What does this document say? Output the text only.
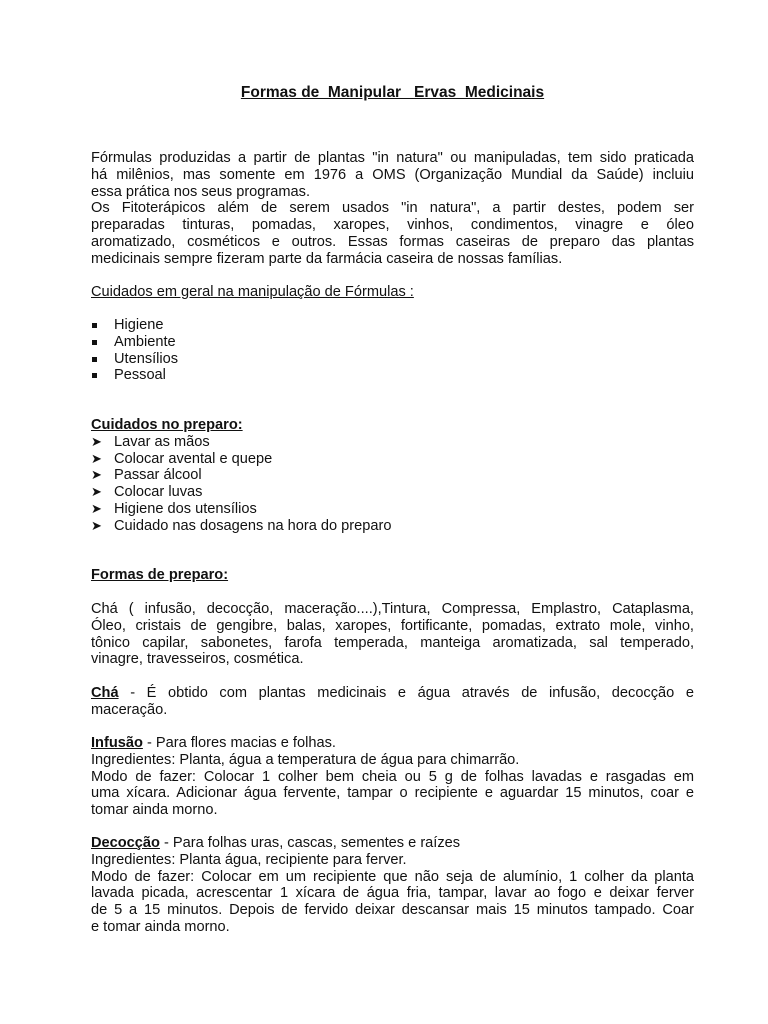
Formas de  Manipular   Ervas  Medicinais
Fórmulas produzidas a partir de plantas "in natura" ou manipuladas, tem sido praticada
há milênios, mas somente em 1976 a OMS (Organização Mundial da Saúde) incluiu
essa prática nos seus programas.
Os Fitoterápicos além de serem usados "in natura", a partir destes, podem ser
preparadas tinturas, pomadas, xaropes, vinhos, condimentos, vinagre e óleo
aromatizado, cosméticos e outros. Essas formas caseiras de preparo das plantas
medicinais sempre fizeram parte da farmácia caseira de nossas famílias.
Cuidados em geral na manipulação de Fórmulas :
Higiene
Ambiente
Utensílios
Pessoal
Cuidados no preparo:
➤ Lavar as mãos
➤ Colocar avental e quepe
➤ Passar álcool
➤ Colocar luvas
➤ Higiene dos utensílios
➤ Cuidado nas dosagens na hora do preparo
Formas de preparo:
Chá ( infusão, decocção, maceração....),Tintura, Compressa, Emplastro, Cataplasma,
Óleo, cristais de gengibre, balas, xaropes, fortificante, pomadas, extrato mole, vinho,
tônico capilar, sabonetes, farofa temperada, manteiga aromatizada, sal temperado,
vinagre, travesseiros, cosmética.
Chá - É obtido com plantas medicinais e água através de infusão, decocção e
maceração.
Infusão - Para flores macias e folhas.
Ingredientes: Planta, água a temperatura de água para chimarrão.
Modo de fazer: Colocar 1 colher bem cheia ou 5 g de folhas lavadas e rasgadas em
uma xícara. Adicionar água fervente, tampar o recipiente e aguardar 15 minutos, coar e
tomar ainda morno.
Decocção - Para folhas uras, cascas, sementes e raízes
Ingredientes: Planta água, recipiente para ferver.
Modo de fazer: Colocar em um recipiente que não seja de alumínio, 1 colher da planta
lavada picada, acrescentar 1 xícara de água fria, tampar, lavar ao fogo e deixar ferver
de 5 a 15 minutos. Depois de fervido deixar descansar mais 15 minutos tampado. Coar
e tomar ainda morno.
